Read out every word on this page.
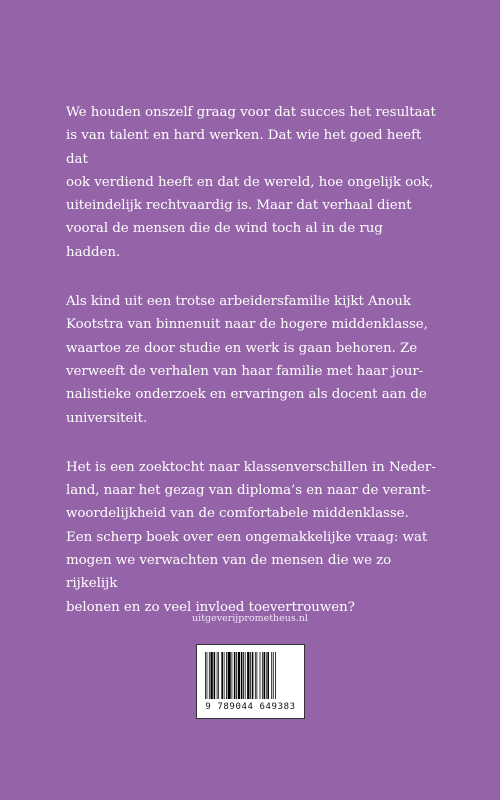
We houden onszelf graag voor dat succes het resultaat
is van talent en hard werken. Dat wie het goed heeft dat
ook verdiend heeft en dat de wereld, hoe ongelijk ook,
uiteindelijk rechtvaardig is. Maar dat verhaal dient
vooral de mensen die de wind toch al in de rug hadden.

Als kind uit een trotse arbeidersfamilie kijkt Anouk
Kootstra van binnenuit naar de hogere middenklasse,
waartoe ze door studie en werk is gaan behoren. Ze
verweeft de verhalen van haar familie met haar jour-
nalistieke onderzoek en ervaringen als docent aan de
universiteit.

Het is een zoektocht naar klassenverschillen in Neder-
land, naar het gezag van diploma’s en naar de verant-
woordelijkheid van de comfortabele middenklasse.
Een scherp boek over een ongemakkelijke vraag: wat
mogen we verwachten van de mensen die we zo rijkelijk
belonen en zo veel invloed toevertrouwen?

uitgeverijprometheus.nl
9 789044 649383
